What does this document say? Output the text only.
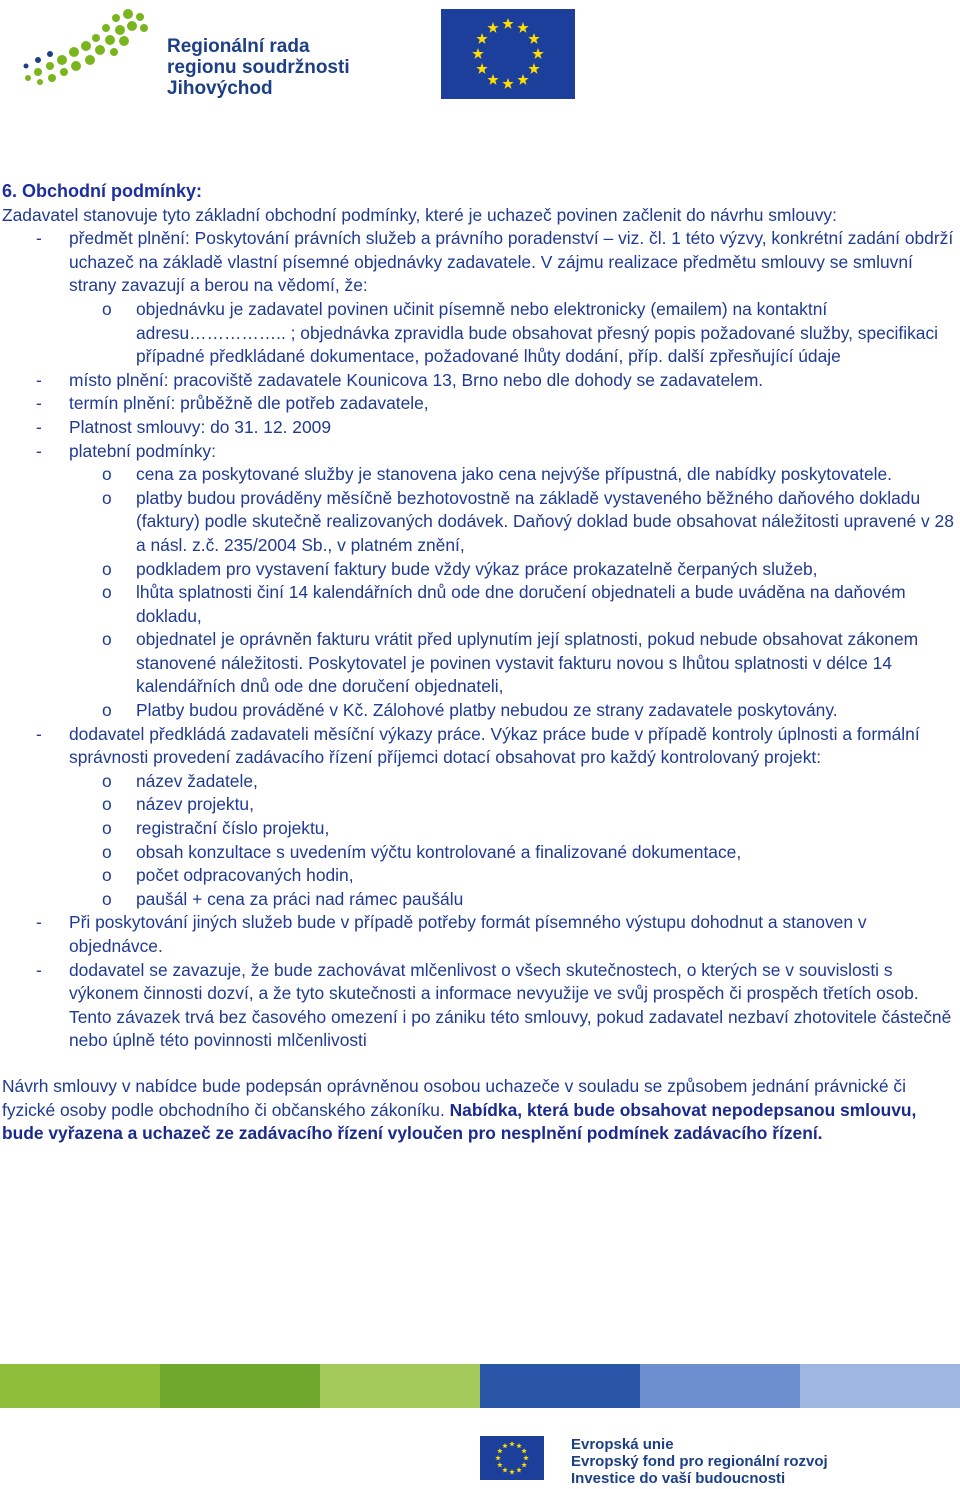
Regionální rada
regionu soudržnosti
Jihovýchod
6. Obchodní podmínky:

Zadavatel stanovuje tyto základní obchodní podmínky, které je uchazeč povinen začlenit do návrhu smlouvy:

-	předmět plnění: Poskytování právních služeb a právního poradenství – viz. čl. 1 této výzvy, konkrétní zadání obdrží uchazeč na základě vlastní písemné objednávky zadavatele. V zájmu realizace předmětu smlouvy se smluvní strany zavazují a berou na vědomí, že:
o	objednávku je zadavatel povinen učinit písemně nebo elektronicky (emailem) na kontaktní adresu…………….. ; objednávka zpravidla bude obsahovat přesný popis požadované služby, specifikaci případné předkládané dokumentace, požadované lhůty dodání, příp. další zpřesňující údaje
-	místo plnění: pracoviště zadavatele Kounicova 13, Brno nebo dle dohody se zadavatelem.
-	termín plnění: průběžně dle potřeb zadavatele,
-	Platnost smlouvy: do 31. 12. 2009
-	platební podmínky:
o	cena za poskytované služby je stanovena jako cena nejvýše přípustná, dle nabídky poskytovatele.
o	platby budou prováděny měsíčně bezhotovostně na základě vystaveného běžného daňového dokladu (faktury) podle skutečně realizovaných dodávek. Daňový doklad bude obsahovat náležitosti upravené v 28 a násl. z.č. 235/2004 Sb., v platném znění,
o	podkladem pro vystavení faktury bude vždy výkaz práce prokazatelně čerpaných služeb,
o	lhůta splatnosti činí 14 kalendářních dnů ode dne doručení objednateli a bude uváděna na daňovém dokladu,
o	objednatel je oprávněn fakturu vrátit před uplynutím její splatnosti, pokud nebude obsahovat zákonem stanovené náležitosti. Poskytovatel je povinen vystavit fakturu novou s lhůtou splatnosti v délce 14 kalendářních dnů ode dne doručení objednateli,
o	Platby budou prováděné v Kč. Zálohové platby nebudou ze strany zadavatele poskytovány.
-	dodavatel předkládá zadavateli měsíční výkazy práce. Výkaz práce bude v případě kontroly úplnosti a formální správnosti provedení zadávacího řízení příjemci dotací obsahovat pro každý kontrolovaný projekt:
o	název žadatele,
o	název projektu,
o	registrační číslo projektu,
o	obsah konzultace s uvedením výčtu kontrolované a finalizované dokumentace,
o	počet odpracovaných hodin,
o	paušál + cena za práci nad rámec paušálu
-	Při poskytování jiných služeb bude v případě potřeby formát písemného výstupu dohodnut a stanoven v objednávce.
-	dodavatel se zavazuje, že bude zachovávat mlčenlivost o všech skutečnostech, o kterých se v souvislosti s výkonem činnosti dozví, a že tyto skutečnosti a informace nevyužije ve svůj prospěch či prospěch třetích osob. Tento závazek trvá bez časového omezení i po zániku této smlouvy, pokud zadavatel nezbaví zhotovitele částečně nebo úplně této povinnosti mlčenlivosti

Návrh smlouvy v nabídce bude podepsán oprávněnou osobou uchazeče v souladu se způsobem jednání právnické či fyzické osoby podle obchodního či občanského zákoníku. Nabídka, která bude obsahovat nepodepsanou smlouvu, bude vyřazena a uchazeč ze zadávacího řízení vyloučen pro nesplnění podmínek zadávacího řízení.

Evropská unie
Evropský fond pro regionální rozvoj
Investice do vaší budoucnosti
